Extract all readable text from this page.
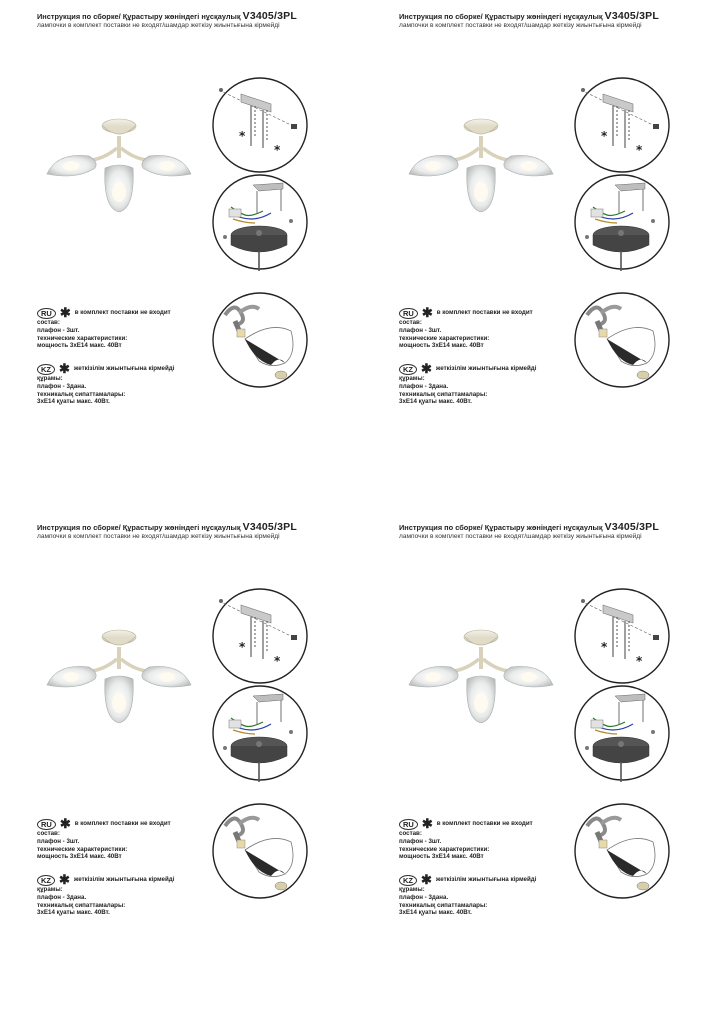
Инструкция по сборке/ Құрастыру жөніндегі нұсқаулық V3405/3PL
лампочки в комплект поставки не входят/шамдар жеткізу жиынтығына кірмейді
*
*
RU ✱ в комплект поставки не входит
состав:
плафон - 3шт.
технические характеристики:
мощность 3хЕ14 макс. 40Вт
KZ ✱ жеткізілім жиынтығына кірмейді
құрамы:
плафон - 3дана.
техникалық сипаттамалары:
3хЕ14 қуаты макс. 40Вт.
Инструкция по сборке/ Құрастыру жөніндегі нұсқаулық V3405/3PL
лампочки в комплект поставки не входят/шамдар жеткізу жиынтығына кірмейді
*
*
RU ✱ в комплект поставки не входит
состав:
плафон - 3шт.
технические характеристики:
мощность 3хЕ14 макс. 40Вт
KZ ✱ жеткізілім жиынтығына кірмейді
құрамы:
плафон - 3дана.
техникалық сипаттамалары:
3хЕ14 қуаты макс. 40Вт.
Инструкция по сборке/ Құрастыру жөніндегі нұсқаулық V3405/3PL
лампочки в комплект поставки не входят/шамдар жеткізу жиынтығына кірмейді
*
*
RU ✱ в комплект поставки не входит
состав:
плафон - 3шт.
технические характеристики:
мощность 3хЕ14 макс. 40Вт
KZ ✱ жеткізілім жиынтығына кірмейді
құрамы:
плафон - 3дана.
техникалық сипаттамалары:
3хЕ14 қуаты макс. 40Вт.
Инструкция по сборке/ Құрастыру жөніндегі нұсқаулық V3405/3PL
лампочки в комплект поставки не входят/шамдар жеткізу жиынтығына кірмейді
*
*
RU ✱ в комплект поставки не входит
состав:
плафон - 3шт.
технические характеристики:
мощность 3хЕ14 макс. 40Вт
KZ ✱ жеткізілім жиынтығына кірмейді
құрамы:
плафон - 3дана.
техникалық сипаттамалары:
3хЕ14 қуаты макс. 40Вт.
